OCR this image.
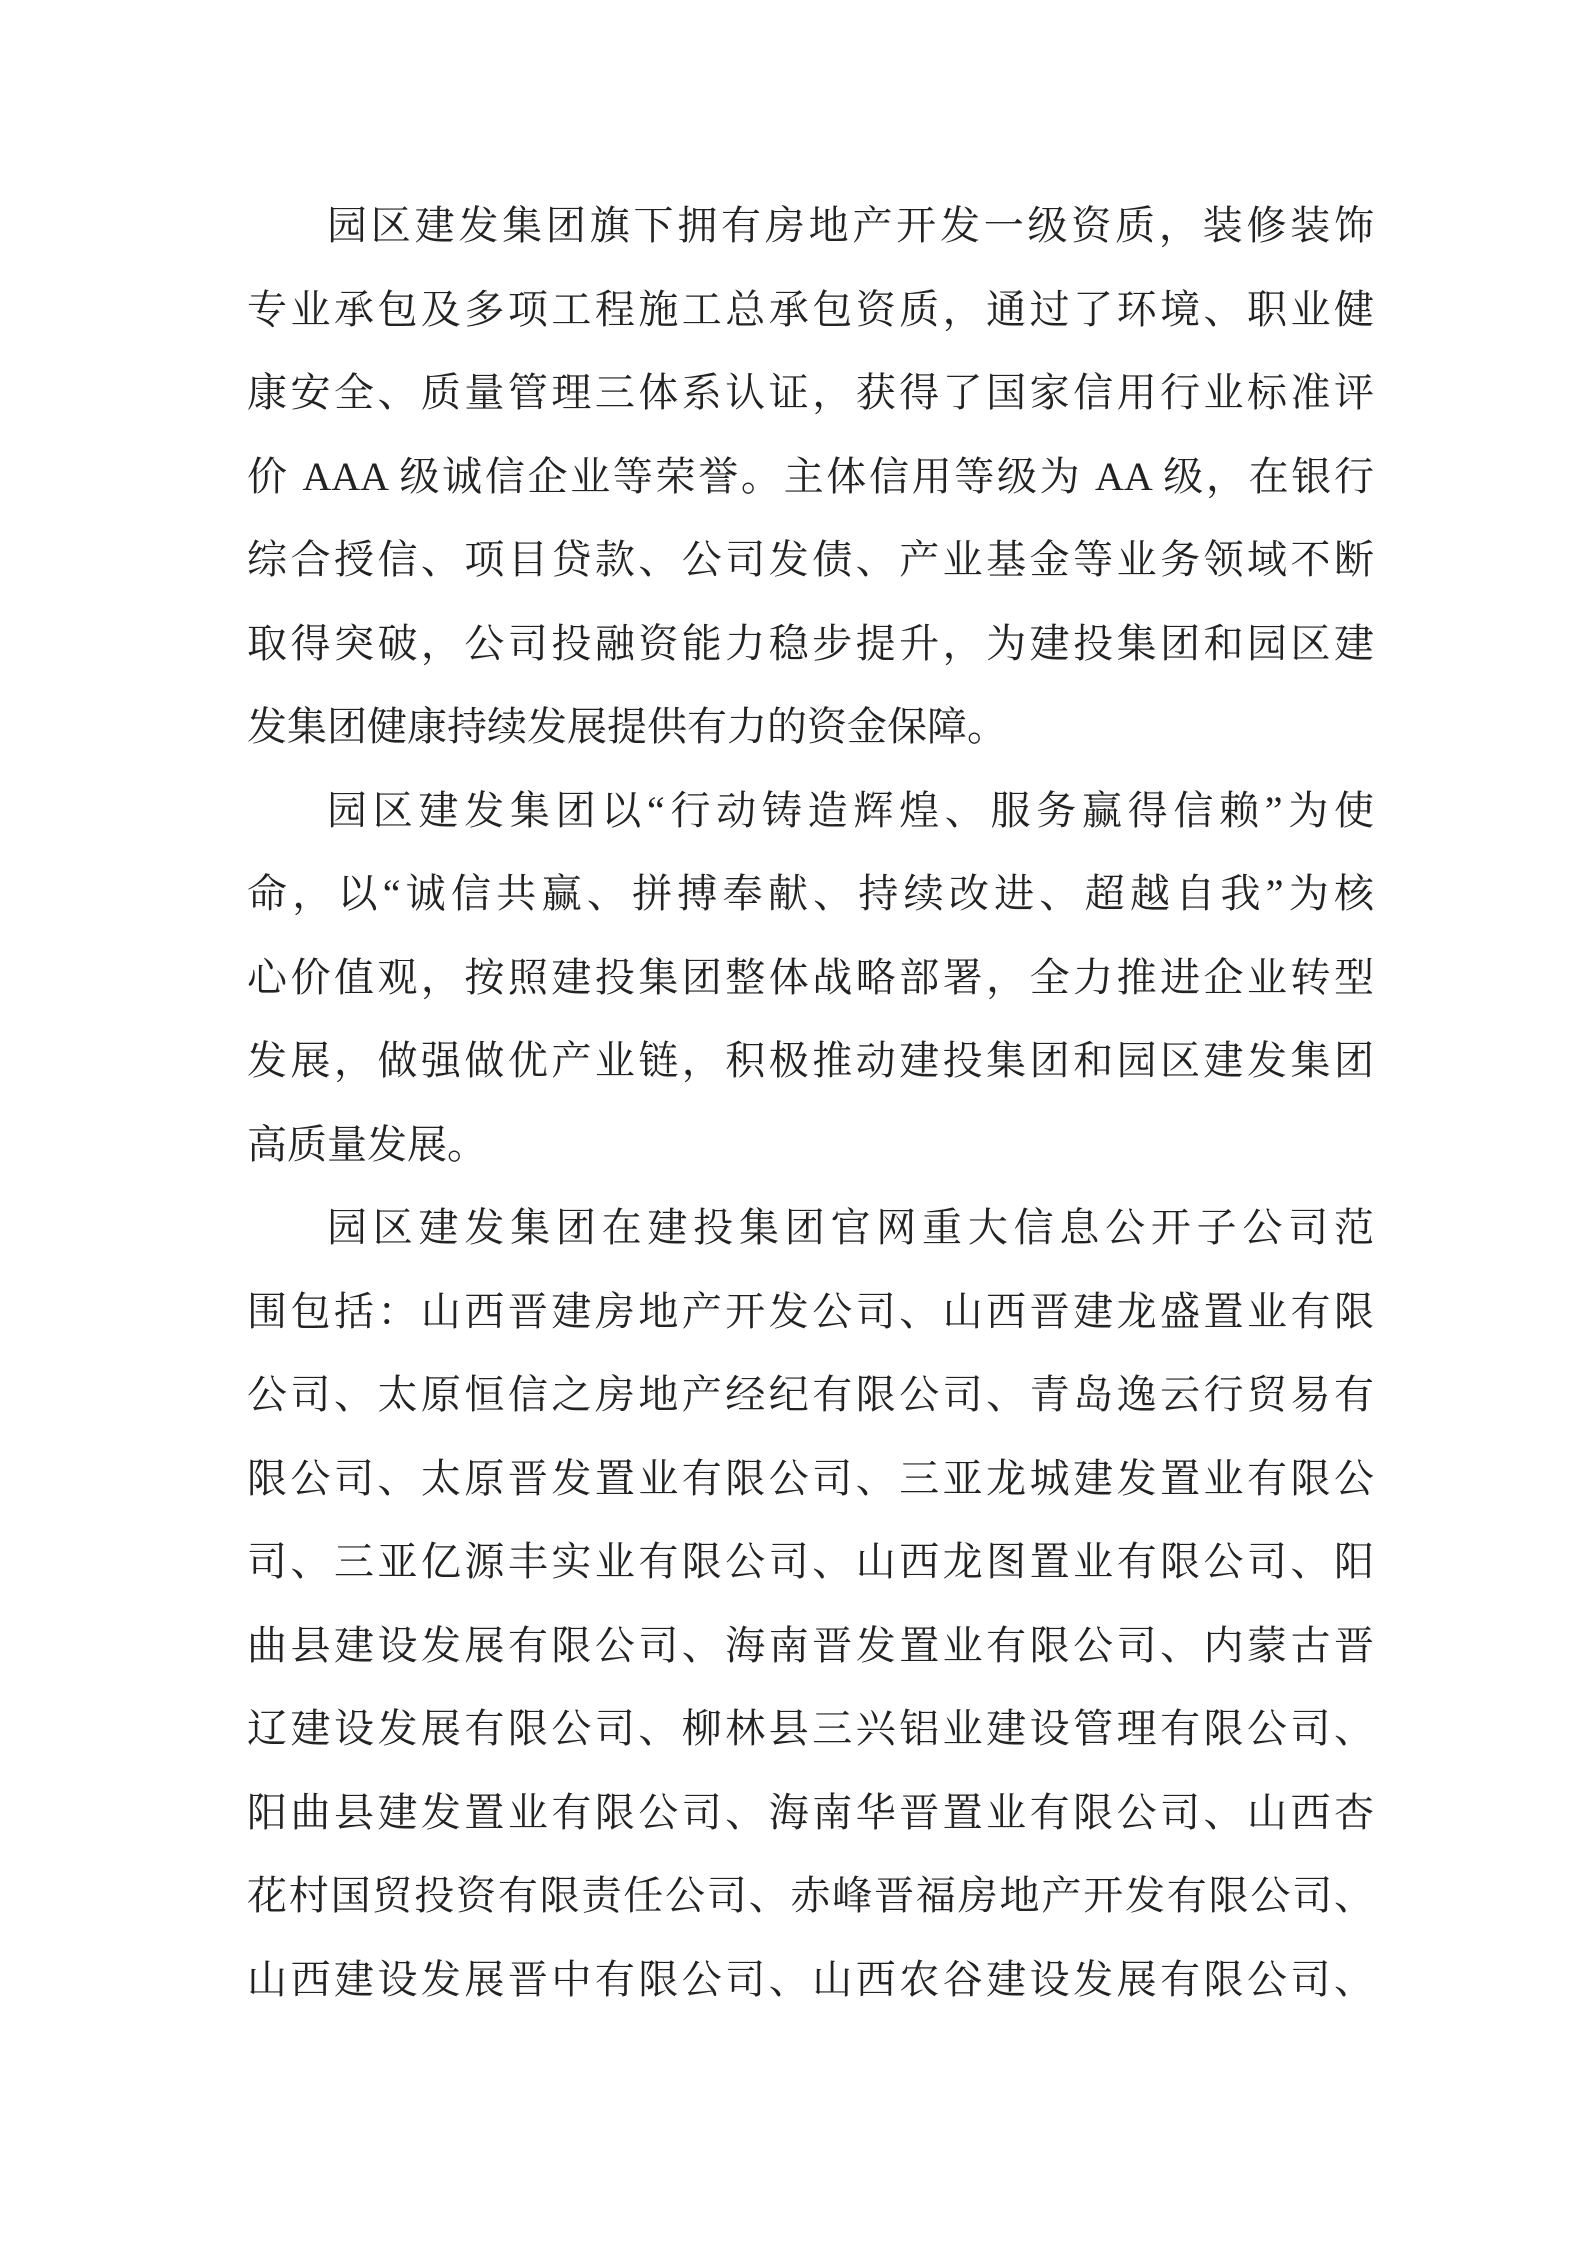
园区建发集团旗下拥有房地产开发一级资质，装修装饰
专业承包及多项工程施工总承包资质，通过了环境、职业健
康安全、质量管理三体系认证，获得了国家信用行业标准评
价 AAA 级诚信企业等荣誉。主体信用等级为 AA 级，在银行
综合授信、项目贷款、公司发债、产业基金等业务领域不断
取得突破，公司投融资能力稳步提升，为建投集团和园区建
发集团健康持续发展提供有力的资金保障。
园区建发集团以“行动铸造辉煌、服务赢得信赖”为使
命，以“诚信共赢、拼搏奉献、持续改进、超越自我”为核
心价值观，按照建投集团整体战略部署，全力推进企业转型
发展，做强做优产业链，积极推动建投集团和园区建发集团
高质量发展。
园区建发集团在建投集团官网重大信息公开子公司范
围包括：山西晋建房地产开发公司、山西晋建龙盛置业有限
公司、太原恒信之房地产经纪有限公司、青岛逸云行贸易有
限公司、太原晋发置业有限公司、三亚龙城建发置业有限公
司、三亚亿源丰实业有限公司、山西龙图置业有限公司、阳
曲县建设发展有限公司、海南晋发置业有限公司、内蒙古晋
辽建设发展有限公司、柳林县三兴铝业建设管理有限公司、
阳曲县建发置业有限公司、海南华晋置业有限公司、山西杏
花村国贸投资有限责任公司、赤峰晋福房地产开发有限公司、
山西建设发展晋中有限公司、山西农谷建设发展有限公司、
